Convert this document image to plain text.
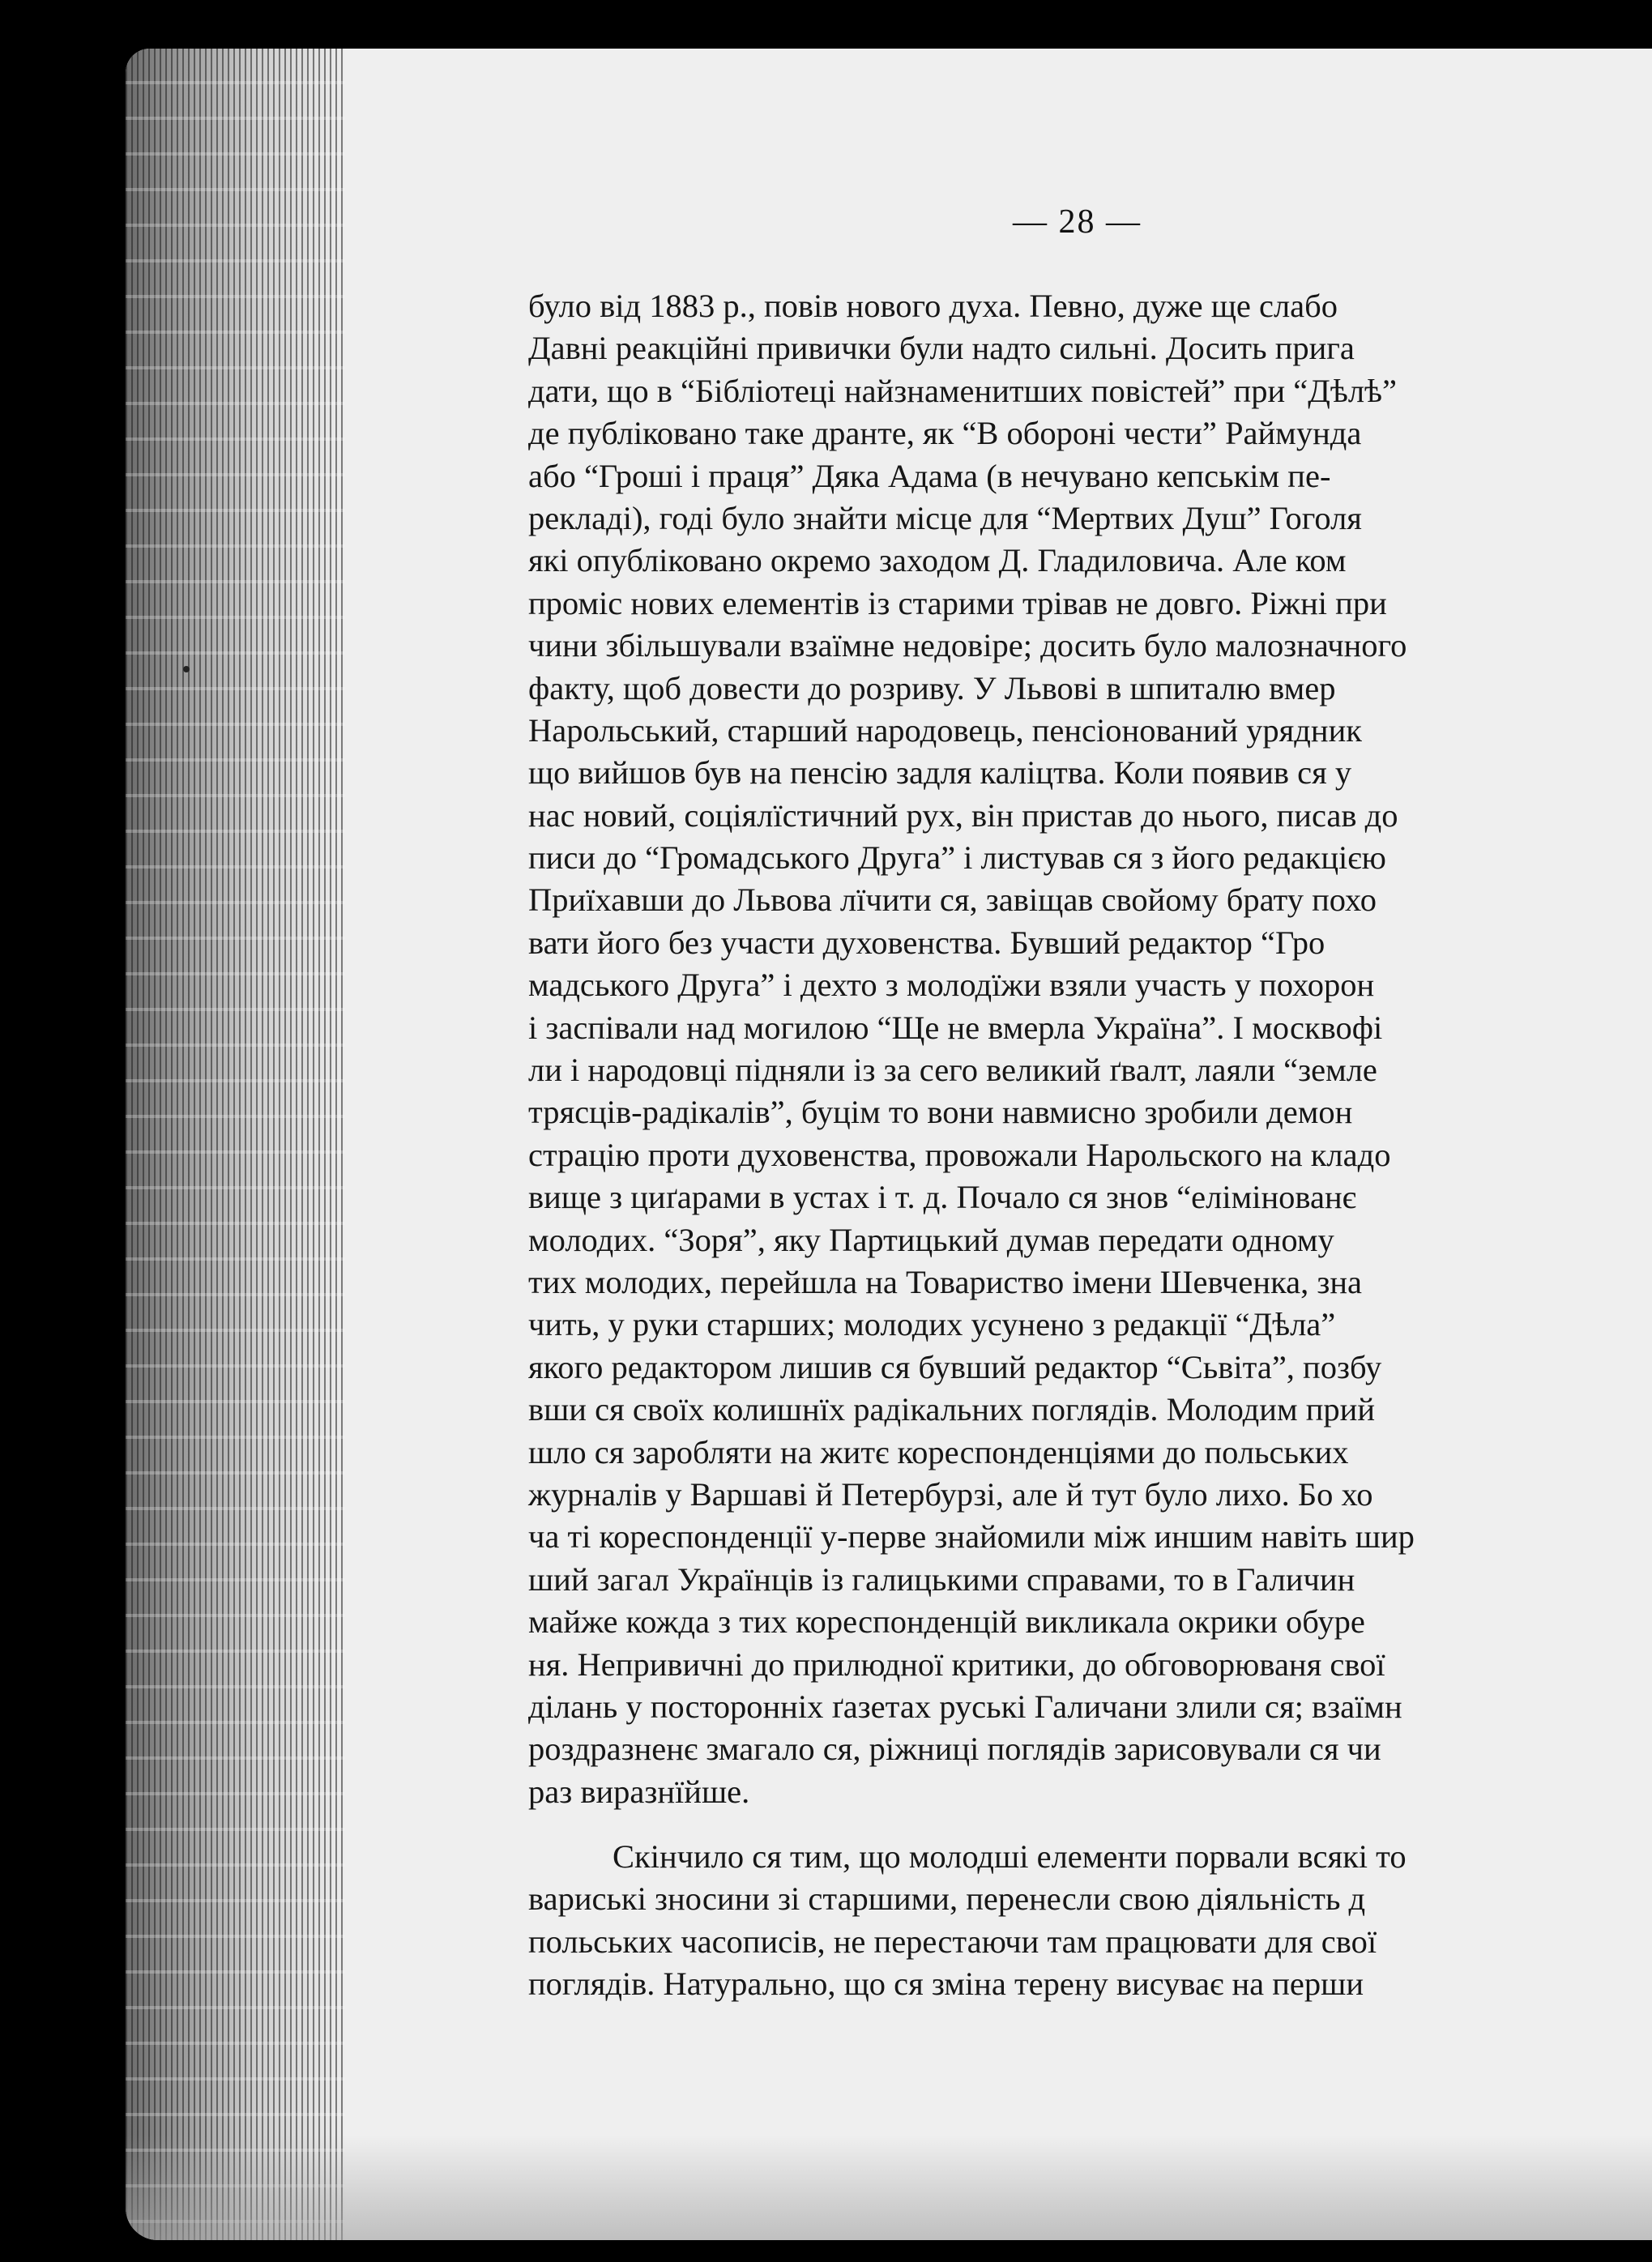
— 28 —
було від 1883 р., повів нового духа. Певно, дуже ще слабо
Давні реакційні привички були надто сильні. Досить прига
дати, що в “Бібліотеці найзнаменитших повістей” при “Дѣлѣ”
де публіковано таке дранте, як “В обороні чести” Раймунда
або “Гроші і праця” Дяка Адама (в нечувано кепськім пе-
рекладі), годі було знайти місце для “Мертвих Душ” Гоголя
які опубліковано окремо заходом Д. Гладиловича. Але ком
проміс нових елементів із старими трівав не довго. Ріжні при
чини збільшували взаїмне недовіре; досить було малозначного
факту, щоб довести до розриву. У Львові в шпиталю вмер
Нарольський, старший народовець, пенсіонований урядник
що вийшов був на пенсію задля каліцтва. Коли появив ся у
нас новий, соціялїстичний рух, він пристав до нього, писав до
писи до “Громадського Друга” і листував ся з його редакцією
Приїхавши до Львова лїчити ся, завіщав свойому брату похо
вати його без участи духовенства. Бувший редактор “Гро
мадського Друга” і дехто з молодїжи взяли участь у похорон
і заспівали над могилою “Ще не вмерла Україна”. І москвофі
ли і народовці підняли із за сего великий ґвалт, лаяли “земле
трясців-радікалів”, буцім то вони навмисно зробили демон
страцію проти духовенства, провожали Нарольского на кладо
вище з циґарами в устах і т. д. Почало ся знов “елімінованє
молодих. “Зоря”, яку Партицький думав передати одному
тих молодих, перейшла на Товариство імени Шевченка, зна
чить, у руки старших; молодих усунено з редакції “Дѣла”
якого редактором лишив ся бувший редактор “Сьвіта”, позбу
вши ся своїх колишнїх радікальних поглядів. Молодим прий
шло ся заробляти на житє кореспонденціями до польських
журналів у Варшаві й Петербурзі, але й тут було лихо. Бо хо
ча ті кореспонденції у-перве знайомили між иншим навіть шир
ший загал Українців із галицькими справами, то в Галичин
майже кожда з тих кореспонденцій викликала окрики обуре
ня. Непривичні до прилюдної критики, до обговорюваня свої
ділань у посторонніх ґазетах руські Галичани злили ся; взаїмн
роздразненє змагало ся, ріжниці поглядів зарисовували ся чи
раз виразнїйше.
Скінчило ся тим, що молодші елементи порвали всякі то
вариські зносини зі старшими, перенесли свою діяльність д
польських часописів, не перестаючи там працювати для свої
поглядів. Натурально, що ся зміна терену висуває на перши
